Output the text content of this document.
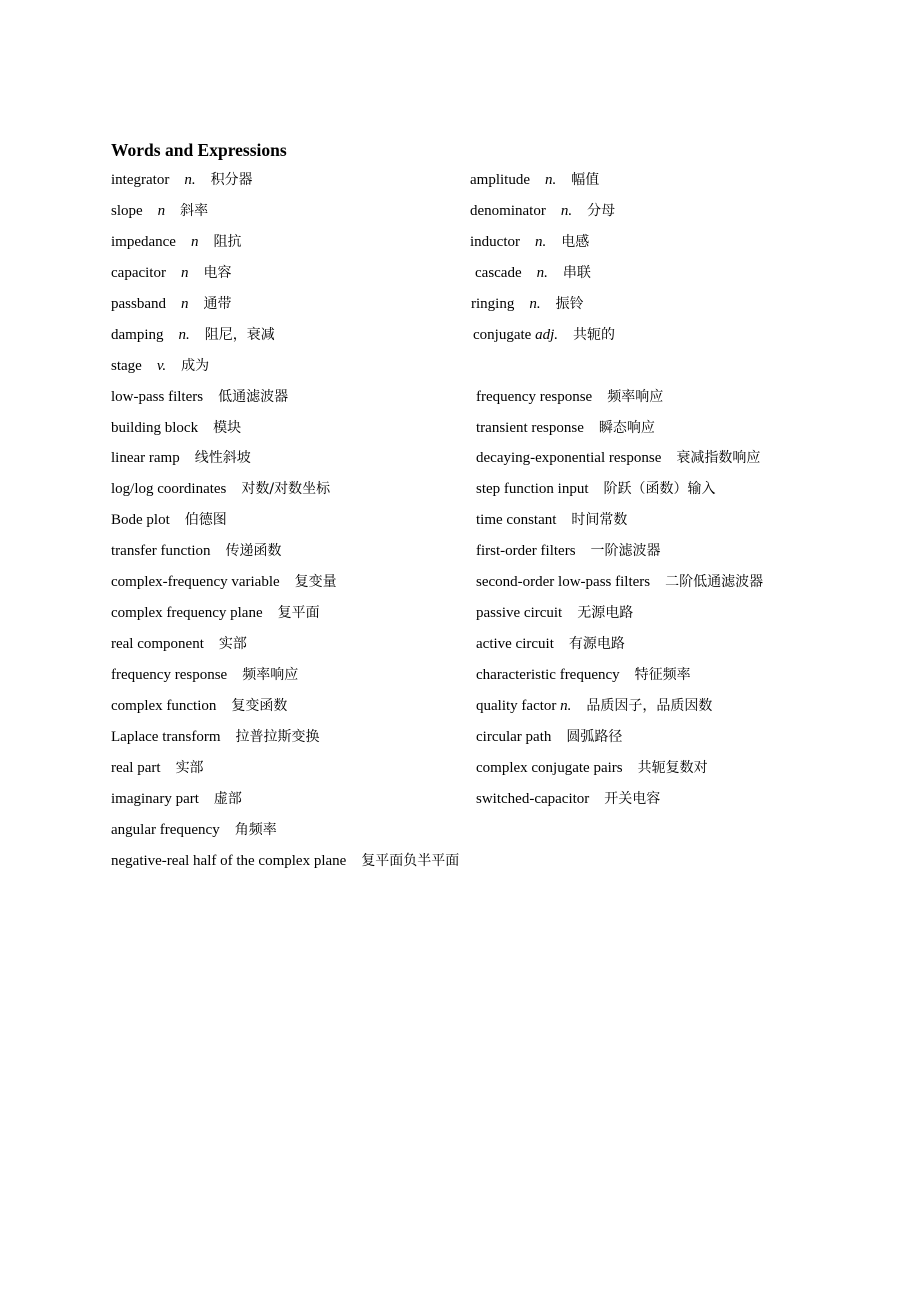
Words and Expressions
integrator n. 积分器	amplitude n. 幅值
slope n 斜率	denominator n. 分母
impedance n 阻抗	inductor n. 电感
capacitor n 电容	cascade n. 串联
passband n 通带	ringing n. 振铃
damping n. 阻尼，衰减	conjugate adj. 共轭的
stage v. 成为
low-pass filters 低通滤波器	frequency response 频率响应
building block 模块	transient response 瞬态响应
linear ramp 线性斜坡	decaying-exponential response 衰减指数响应
log/log coordinates 对数/对数坐标	step function input 阶跃（函数）输入
Bode plot 伯德图	time constant 时间常数
transfer function 传递函数	first-order filters 一阶滤波器
complex-frequency variable 复变量	second-order low-pass filters 二阶低通滤波器
complex frequency plane 复平面	passive circuit 无源电路
real component 实部	active circuit 有源电路
frequency response 频率响应	characteristic frequency 特征频率
complex function 复变函数	quality factor n. 品质因子，品质因数
Laplace transform 拉普拉斯变换	circular path 圆弧路径
real part 实部	complex conjugate pairs 共轭复数对
imaginary part 虚部	switched-capacitor 开关电容
angular frequency 角频率
negative-real half of the complex plane 复平面负半平面
